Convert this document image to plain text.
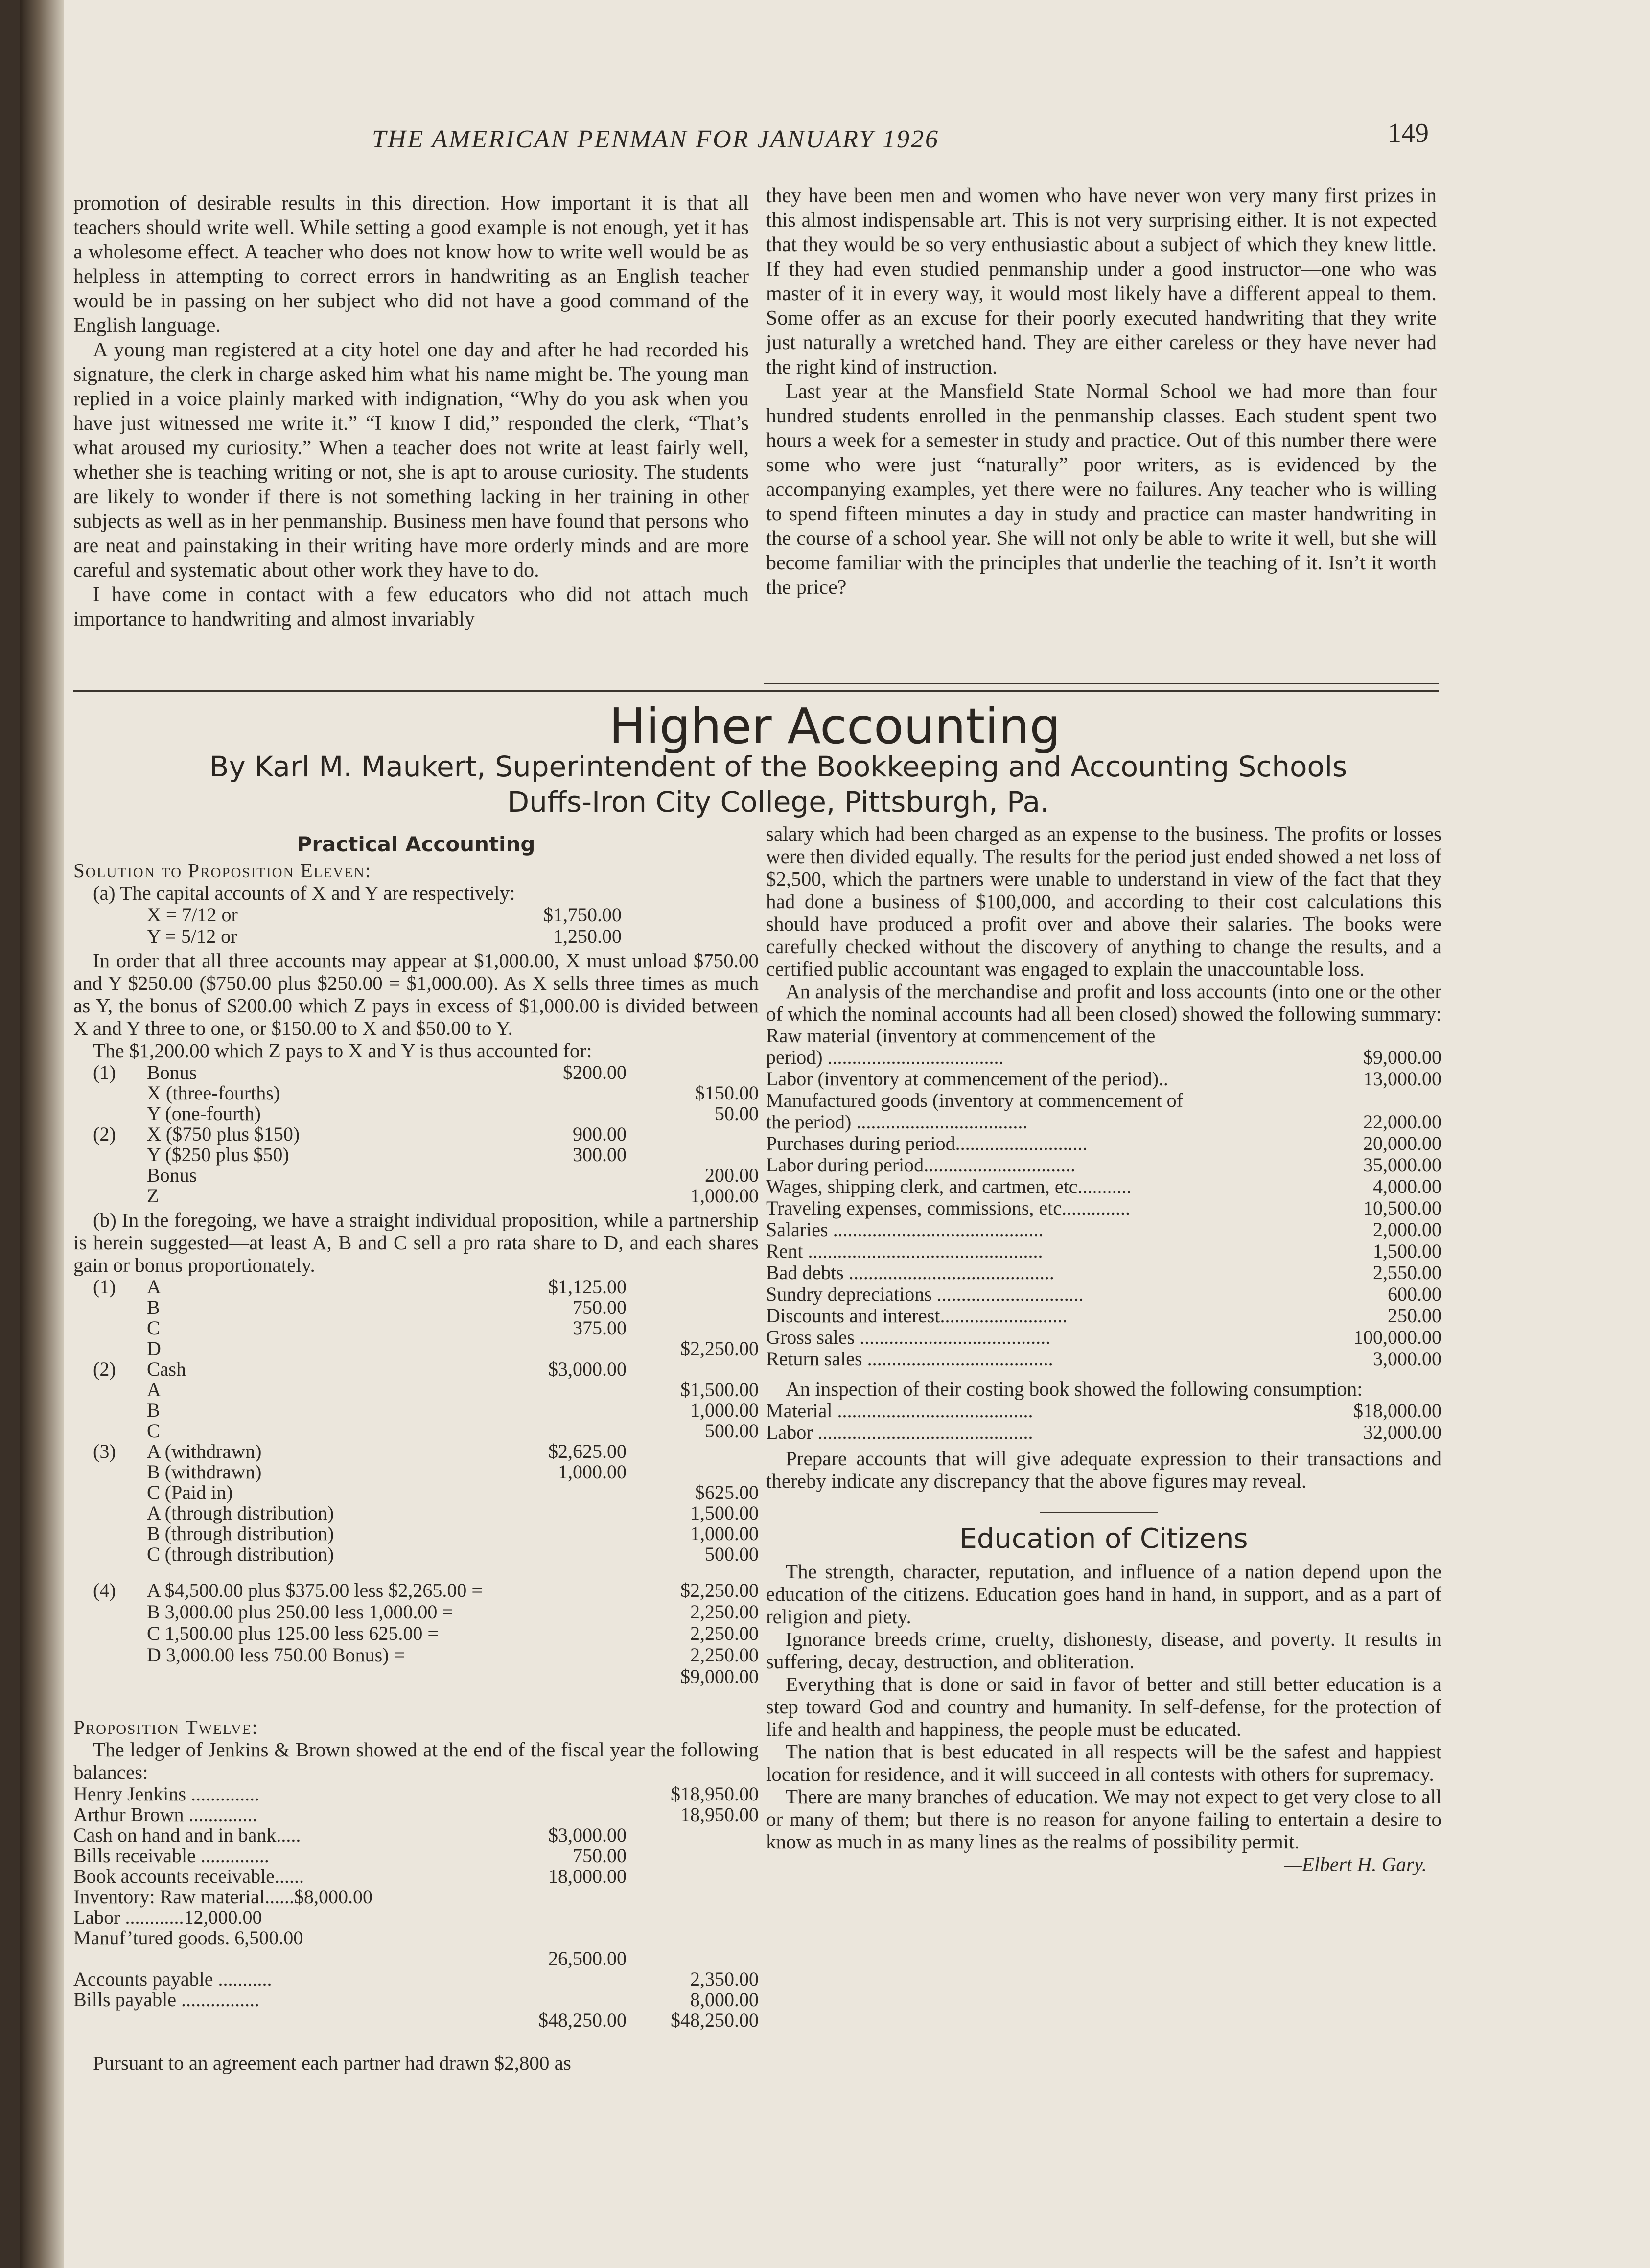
THE AMERICAN PENMAN FOR JANUARY 1926	149

promotion of desirable results in this direction. How important it is that all teachers should write well. While setting a good example is not enough, yet it has a wholesome effect. A teacher who does not know how to write well would be as helpless in attempting to correct errors in handwriting as an English teacher would be in passing on her subject who did not have a good command of the English language.

A young man registered at a city hotel one day and after he had recorded his signature, the clerk in charge asked him what his name might be. The young man replied in a voice plainly marked with indignation, “Why do you ask when you have just witnessed me write it.” “I know I did,” responded the clerk, “That’s what aroused my curiosity.” When a teacher does not write at least fairly well, whether she is teaching writing or not, she is apt to arouse curiosity. The students are likely to wonder if there is not something lacking in her training in other subjects as well as in her penmanship. Business men have found that persons who are neat and painstaking in their writing have more orderly minds and are more careful and systematic about other work they have to do.

I have come in contact with a few educators who did not attach much importance to handwriting and almost invariably

they have been men and women who have never won very many first prizes in this almost indispensable art. This is not very surprising either. It is not expected that they would be so very enthusiastic about a subject of which they knew little. If they had even studied penmanship under a good instructor—one who was master of it in every way, it would most likely have a different appeal to them. Some offer as an excuse for their poorly executed handwriting that they write just naturally a wretched hand. They are either careless or they have never had the right kind of instruction.

Last year at the Mansfield State Normal School we had more than four hundred students enrolled in the penmanship classes. Each student spent two hours a week for a semester in study and practice. Out of this number there were some who were just “naturally” poor writers, as is evidenced by the accompanying examples, yet there were no failures. Any teacher who is willing to spend fifteen minutes a day in study and practice can master handwriting in the course of a school year. She will not only be able to write it well, but she will become familiar with the principles that underlie the teaching of it. Isn’t it worth the price?

Higher Accounting
By Karl M. Maukert, Superintendent of the Bookkeeping and Accounting Schools
Duffs-Iron City College, Pittsburgh, Pa.
Practical Accounting
Solution to Proposition Eleven:
(a) The capital accounts of X and Y are respectively:
X = 7/12 or	$1,750.00
Y = 5/12 or	1,250.00
In order that all three accounts may appear at $1,000.00, X must unload $750.00 and Y $250.00 ($750.00 plus $250.00 = $1,000.00). As X sells three times as much as Y, the bonus of $200.00 which Z pays in excess of $1,000.00 is divided between X and Y three to one, or $150.00 to X and $50.00 to Y.
The $1,200.00 which Z pays to X and Y is thus accounted for:
(1)	Bonus	$200.00
X (three-fourths)	$150.00
Y (one-fourth)	50.00
(2)	X ($750 plus $150)	900.00
Y ($250 plus $50)	300.00
Bonus	200.00
Z	1,000.00
(b) In the foregoing, we have a straight individual proposition, while a partnership is herein suggested—at least A, B and C sell a pro rata share to D, and each shares gain or bonus proportionately.
(1)	A	$1,125.00
B	750.00
C	375.00
D	$2,250.00
(2)	Cash	$3,000.00
A	$1,500.00
B	1,000.00
C	500.00
(3)	A (withdrawn)	$2,625.00
B (withdrawn)	1,000.00
C (Paid in)	$625.00
A (through distribution)	1,500.00
B (through distribution)	1,000.00
C (through distribution)	500.00
(4)	A $4,500.00 plus $375.00 less $2,265.00 =	$2,250.00
B 3,000.00 plus 250.00 less 1,000.00 =	2,250.00
C 1,500.00 plus 125.00 less 625.00 =	2,250.00
D 3,000.00 less 750.00 Bonus) =	2,250.00
$9,000.00
Proposition Twelve:
The ledger of Jenkins & Brown showed at the end of the fiscal year the following balances:
Henry Jenkins ..............	$18,950.00
Arthur Brown ..............	18,950.00
Cash on hand and in bank.....	$3,000.00
Bills receivable ..............	750.00
Book accounts receivable......	18,000.00
Inventory: Raw material......$8,000.00
Labor ............12,000.00
Manuf’tured goods. 6,500.00
26,500.00
Accounts payable ...........	2,350.00
Bills payable ................	8,000.00
$48,250.00	$48,250.00
Pursuant to an agreement each partner had drawn $2,800 as

salary which had been charged as an expense to the business. The profits or losses were then divided equally. The results for the period just ended showed a net loss of $2,500, which the partners were unable to understand in view of the fact that they had done a business of $100,000, and according to their cost calculations this should have produced a profit over and above their salaries. The books were carefully checked without the discovery of anything to change the results, and a certified public accountant was engaged to explain the unaccountable loss.

An analysis of the merchandise and profit and loss accounts (into one or the other of which the nominal accounts had all been closed) showed the following summary:

Raw material (inventory at commencement of the
period) ....................................	$9,000.00
Labor (inventory at commencement of the period)..	13,000.00
Manufactured goods (inventory at commencement of
the period) ...................................	22,000.00
Purchases during period...........................	20,000.00
Labor during period...............................	35,000.00
Wages, shipping clerk, and cartmen, etc...........	4,000.00
Traveling expenses, commissions, etc..............	10,500.00
Salaries ...........................................	2,000.00
Rent ................................................	1,500.00
Bad debts ..........................................	2,550.00
Sundry depreciations ..............................	600.00
Discounts and interest..........................	250.00
Gross sales .......................................	100,000.00
Return sales ......................................	3,000.00

An inspection of their costing book showed the following consumption:

Material ........................................	$18,000.00
Labor ............................................	32,000.00

Prepare accounts that will give adequate expression to their transactions and thereby indicate any discrepancy that the above figures may reveal.

Education of Citizens

The strength, character, reputation, and influence of a nation depend upon the education of the citizens. Education goes hand in hand, in support, and as a part of religion and piety.

Ignorance breeds crime, cruelty, dishonesty, disease, and poverty. It results in suffering, decay, destruction, and obliteration.

Everything that is done or said in favor of better and still better education is a step toward God and country and humanity. In self-defense, for the protection of life and health and happiness, the people must be educated.

The nation that is best educated in all respects will be the safest and happiest location for residence, and it will succeed in all contests with others for supremacy.

There are many branches of education. We may not expect to get very close to all or many of them; but there is no reason for anyone failing to entertain a desire to know as much in as many lines as the realms of possibility permit.

—Elbert H. Gary.
